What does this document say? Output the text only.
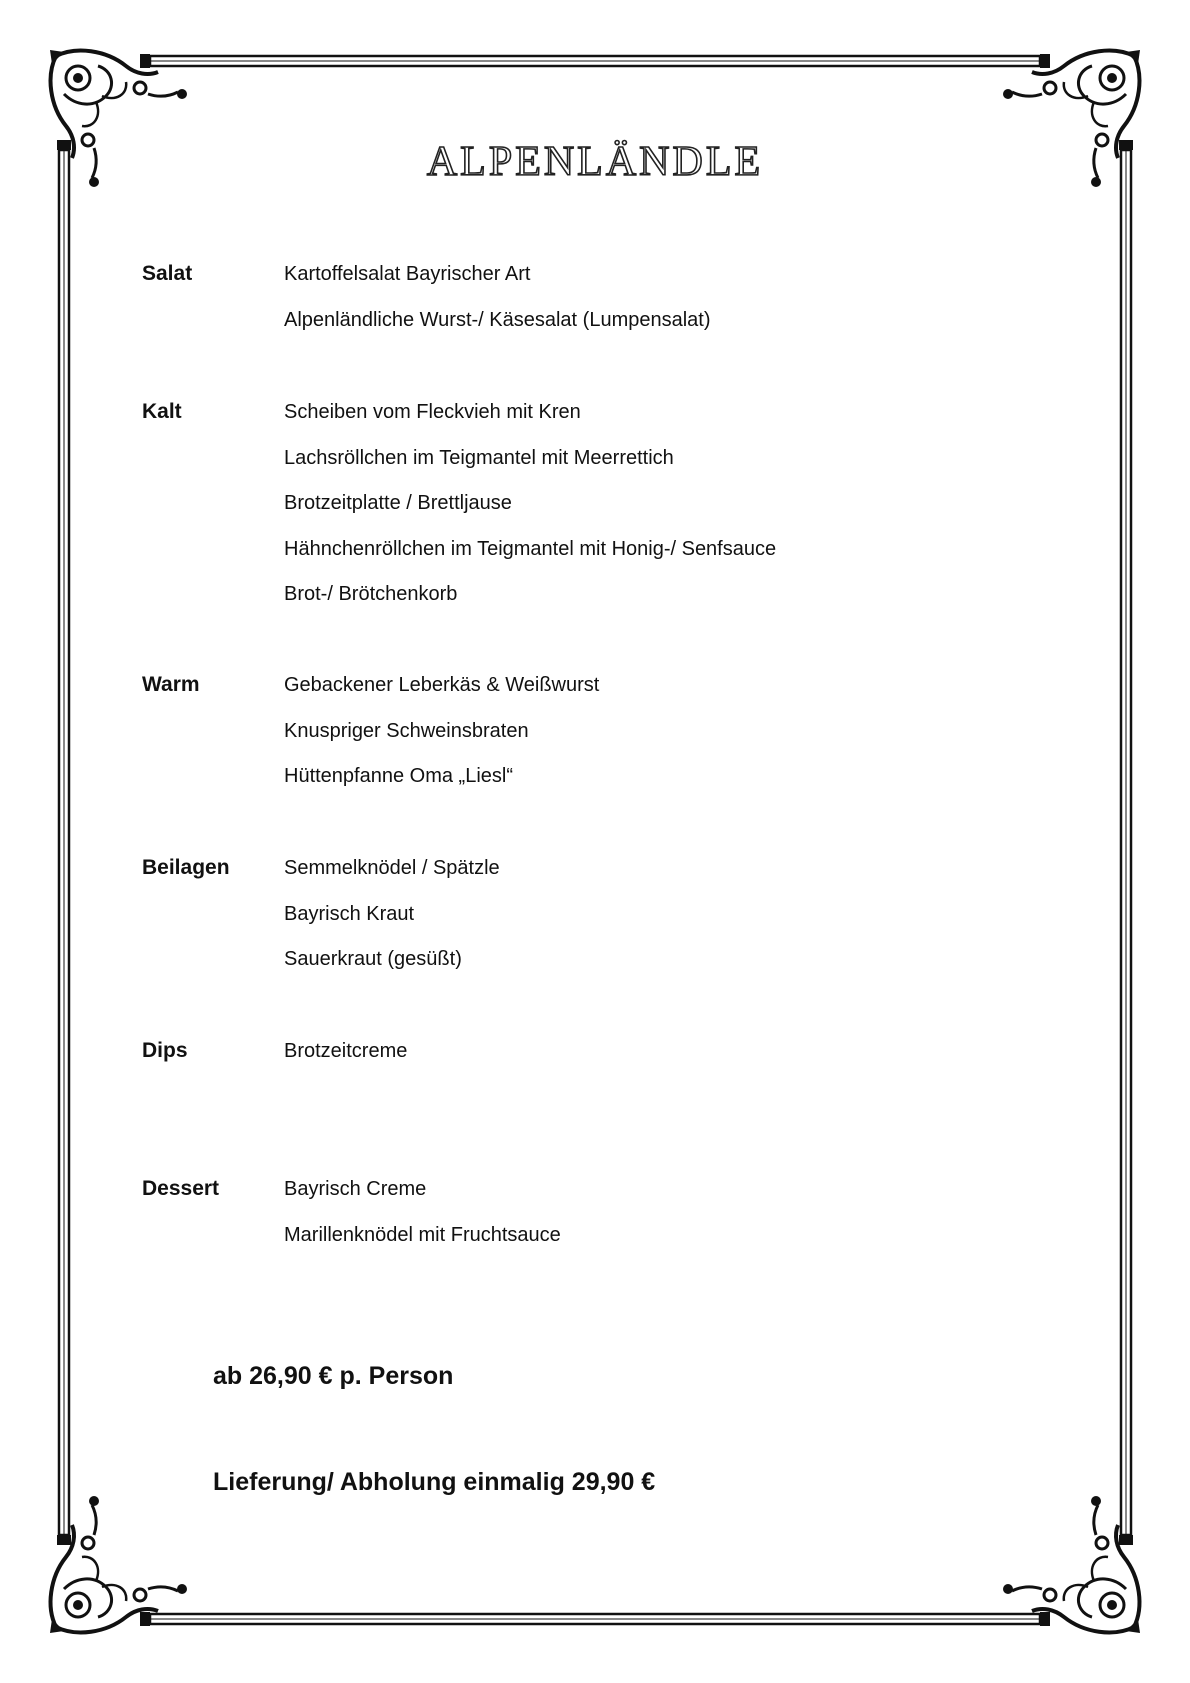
ALPENLÄNDLE
Salat	Kartoffelsalat Bayrischer Art
Alpenländliche Wurst-/ Käsesalat (Lumpensalat)
Kalt	Scheiben vom Fleckvieh mit Kren
Lachsröllchen im Teigmantel mit Meerrettich
Brotzeitplatte / Brettljause
Hähnchenröllchen im Teigmantel mit Honig-/ Senfsauce
Brot-/ Brötchenkorb
Warm	Gebackener Leberkäs & Weißwurst
Knuspriger Schweinsbraten
Hüttenpfanne Oma „Liesl“
Beilagen	Semmelknödel / Spätzle
Bayrisch Kraut
Sauerkraut (gesüßt)
Dips	Brotzeitcreme
Dessert	Bayrisch Creme
Marillenknödel mit Fruchtsauce
ab 26,90 € p. Person
Lieferung/ Abholung einmalig 29,90 €
